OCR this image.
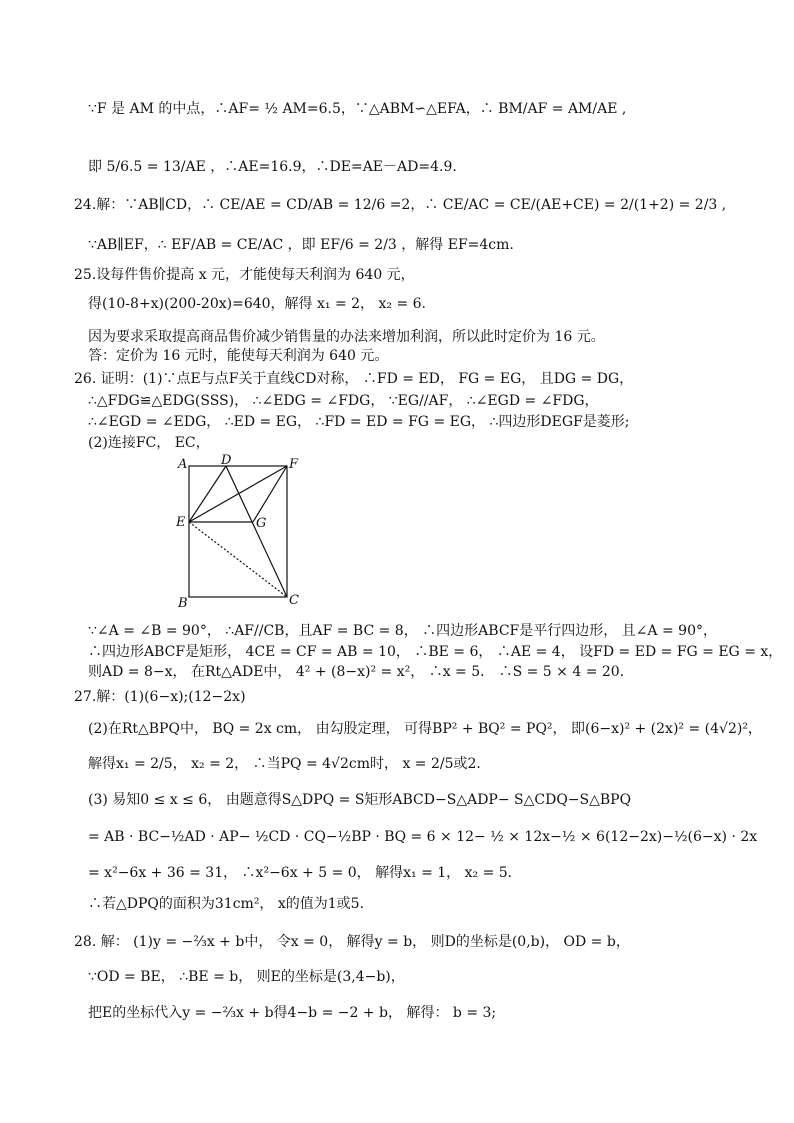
∵F 是 AM 的中点，∴AF= ½ AM=6.5，∵△ABM∽△EFA，∴ BM/AF = AM/AE ,
即 5/6.5 = 13/AE ，∴AE=16.9，∴DE=AE－AD=4.9.
24.解：∵AB∥CD，∴ CE/AE = CD/AB = 12/6 =2，∴ CE/AC = CE/(AE+CE) = 2/(1+2) = 2/3 ,
∵AB∥EF，∴ EF/AB = CE/AC ，即 EF/6 = 2/3 ，解得 EF=4cm.
25.设每件售价提高 x 元，才能使每天利润为 640 元，
得(10-8+x)(200-20x)=640，解得 x₁ = 2， x₂ = 6.
因为要求采取提高商品售价减少销售量的办法来增加利润，所以此时定价为 16 元。
答：定价为 16 元时，能使每天利润为 640 元。
26. 证明：(1)∵点E与点F关于直线CD对称， ∴FD = ED， FG = EG， 且DG = DG，
∴△FDG≌△EDG(SSS)， ∴∠EDG = ∠FDG， ∵EG//AF， ∴∠EGD = ∠FDG，
∴∠EGD = ∠EDG， ∴ED = EG， ∴FD = ED = FG = EG， ∴四边形DEGF是菱形;
(2)连接FC， EC，
A	D	F
E	G
B	C
∵∠A = ∠B = 90°， ∴AF//CB，且AF = BC = 8， ∴四边形ABCF是平行四边形， 且∠A = 90°，
∴四边形ABCF是矩形， 4CE = CF = AB = 10， ∴BE = 6， ∴AE = 4， 设FD = ED = FG = EG = x，
则AD = 8−x， 在Rt△ADE中， 4² + (8−x)² = x²， ∴x = 5． ∴S = 5 × 4 = 20．
27.解：(1)(6−x);(12−2x)
(2)在Rt△BPQ中， BQ = 2x cm， 由勾股定理， 可得BP² + BQ² = PQ²， 即(6−x)² + (2x)² = (4√2)²，
解得x₁ = 2/5， x₂ = 2， ∴当PQ = 4√2cm时， x = 2/5或2．
(3) 易知0 ≤ x ≤ 6， 由题意得S△DPQ = S矩形ABCD−S△ADP− S△CDQ−S△BPQ
= AB · BC−½AD · AP− ½CD · CQ−½BP · BQ = 6 × 12− ½ × 12x−½ × 6(12−2x)−½(6−x) · 2x
= x²−6x + 36 = 31， ∴x²−6x + 5 = 0， 解得x₁ = 1， x₂ = 5．
∴若△DPQ的面积为31cm²， x的值为1或5．
28. 解： (1)y = −⅔x + b中， 令x = 0， 解得y = b， 则D的坐标是(0,b)， OD = b，
∵OD = BE， ∴BE = b， 则E的坐标是(3,4−b)，
把E的坐标代入y = −⅔x + b得4−b = −2 + b， 解得： b = 3;
